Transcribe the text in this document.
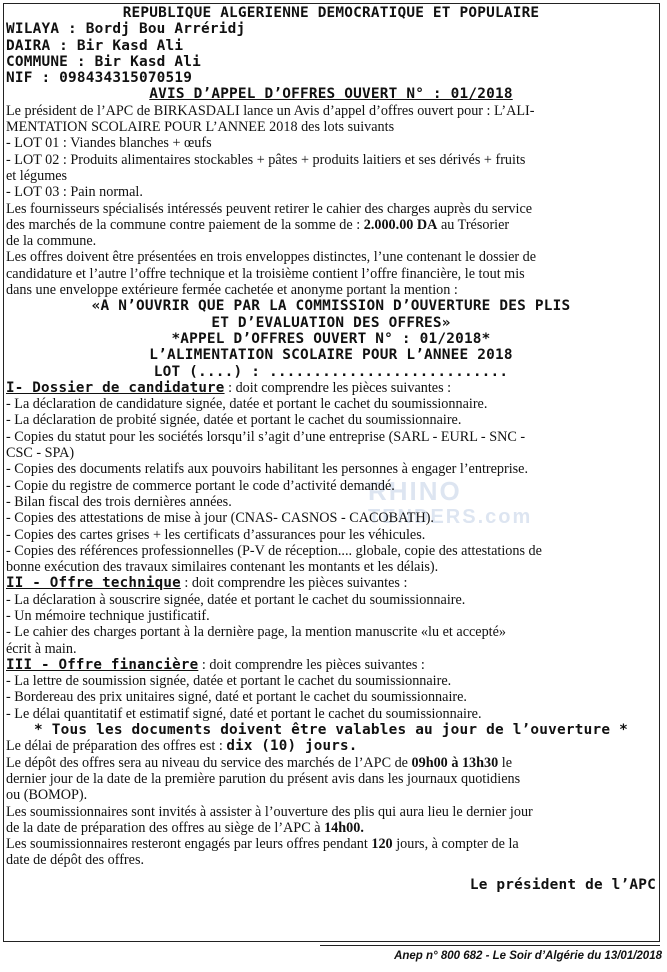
RHINO
TENDERS.com
REPUBLIQUE ALGERIENNE DEMOCRATIQUE ET POPULAIRE
WILAYA : Bordj Bou Arréridj
DAIRA : Bir Kasd Ali
COMMUNE : Bir Kasd Ali
NIF : 098434315070519
AVIS D’APPEL D’OFFRES OUVERT N° : 01/2018
Le président de l’APC de BIRKASDALI lance un Avis d’appel d’offres ouvert pour : L’ALI-
MENTATION SCOLAIRE POUR L’ANNEE 2018 des lots suivants
- LOT 01 : Viandes blanches + œufs
- LOT 02 : Produits alimentaires stockables + pâtes + produits laitiers et ses dérivés + fruits
et légumes
- LOT 03 : Pain normal.
Les fournisseurs spécialisés intéressés peuvent retirer le cahier des charges auprès du service
des marchés de la commune contre paiement de la somme de : 2.000.00 DA au Trésorier
de la commune.
Les offres doivent être présentées en trois enveloppes distinctes, l’une contenant le dossier de
candidature et l’autre l’offre technique et la troisième contient l’offre financière, le tout mis
dans une enveloppe extérieure fermée cachetée et anonyme portant la mention :
«A N’OUVRIR QUE PAR LA COMMISSION D’OUVERTURE DES PLIS
ET D’EVALUATION DES OFFRES»
*APPEL D’OFFRES OUVERT N° : 01/2018*
L’ALIMENTATION SCOLAIRE POUR L’ANNEE 2018
LOT (....) : ...........................
I- Dossier de candidature : doit comprendre les pièces suivantes :
- La déclaration de candidature signée, datée et portant le cachet du soumissionnaire.
- La déclaration de probité signée, datée et portant le cachet du soumissionnaire.
- Copies du statut pour les sociétés lorsqu’il s’agit d’une entreprise (SARL - EURL - SNC -
CSC - SPA)
- Copies des documents relatifs aux pouvoirs habilitant les personnes à engager l’entreprise.
- Copie du registre de commerce portant le code d’activité demandé.
- Bilan fiscal des trois dernières années.
- Copies des attestations de mise à jour (CNAS- CASNOS - CACOBATH).
- Copies des cartes grises + les certificats d’assurances pour les véhicules.
- Copies des références professionnelles (P-V de réception.... globale, copie des attestations de
bonne exécution des travaux similaires contenant les montants et les délais).
II - Offre technique : doit comprendre les pièces suivantes :
- La déclaration à souscrire signée, datée et portant le cachet du soumissionnaire.
- Un mémoire technique justificatif.
- Le cahier des charges portant à la dernière page, la mention manuscrite «lu et accepté»
écrit à main.
III - Offre financière : doit comprendre les pièces suivantes :
- La lettre de soumission signée, datée et portant le cachet du soumissionnaire.
- Bordereau des prix unitaires signé, daté et portant le cachet du soumissionnaire.
- Le délai quantitatif et estimatif signé, daté et portant le cachet du soumissionnaire.
* Tous les documents doivent être valables au jour de l’ouverture *
Le délai de préparation des offres est : dix (10) jours.
Le dépôt des offres sera au niveau du service des marchés de l’APC de 09h00 à 13h30 le
dernier jour de la date de la première parution du présent avis dans les journaux quotidiens
ou (BOMOP).
Les soumissionnaires sont invités à assister à l’ouverture des plis qui aura lieu le dernier jour
de la date de préparation des offres au siège de l’APC à 14h00.
Les soumissionnaires resteront engagés par leurs offres pendant 120 jours, à compter de la
date de dépôt des offres.
Le président de l’APC
Anep n° 800 682 - Le Soir d’Algérie du 13/01/2018
